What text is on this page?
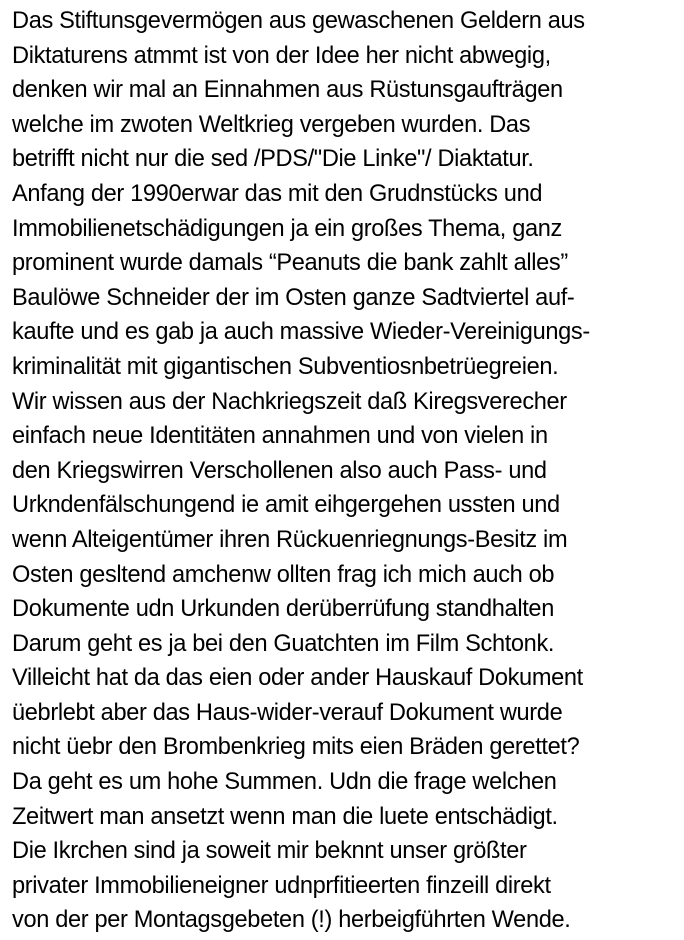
Das Stiftunsgevermögen aus gewaschenen Geldern aus
Diktaturens atmmt ist von der Idee her nicht abwegig,
denken wir mal an Einnahmen aus Rüstunsgaufträgen
welche im zwoten Weltkrieg vergeben wurden. Das
betrifft nicht nur die sed /PDS/"Die Linke"/ Diaktatur.
Anfang der 1990erwar das mit den Grudnstücks und
Immobilienetschädigungen ja ein großes Thema, ganz
prominent wurde damals “Peanuts die bank zahlt alles”
Baulöwe Schneider der im Osten ganze Sadtviertel auf-
kaufte und es gab ja auch massive Wieder-Vereinigungs-
kriminalität mit gigantischen Subventiosnbetrüegreien.
Wir wissen aus der Nachkriegszeit daß Kiregsverecher
einfach neue Identitäten annahmen und von vielen in
den Kriegswirren Verschollenen also auch Pass- und
Urkndenfälschungend ie amit eihgergehen ussten und
wenn Alteigentümer ihren Rückuenriegnungs-Besitz im
Osten gesltend amchenw ollten frag ich mich auch ob
Dokumente udn Urkunden derüberrüfung standhalten
Darum geht es ja bei den Guatchten im Film Schtonk.
Villeicht hat da das eien oder ander Hauskauf Dokument
üebrlebt aber das Haus-wider-verauf Dokument wurde
nicht üebr den Brombenkrieg mits eien Bräden gerettet?
Da geht es um hohe Summen. Udn die frage welchen
Zeitwert man ansetzt wenn man die luete entschädigt.
Die Ikrchen sind ja soweit mir beknnt unser größter
privater Immobilieneigner udnprfitieerten finzeill direkt
von der per Montagsgebeten (!) herbeigführten Wende.
